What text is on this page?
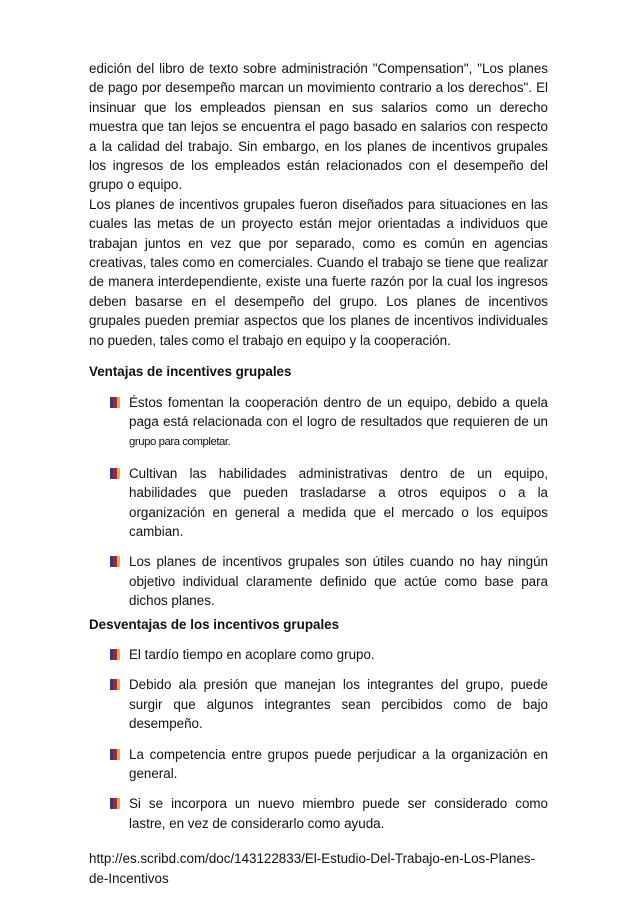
edición del libro de texto sobre administración "Compensation", "Los planes de pago por desempeño marcan un movimiento contrario a los derechos". El insinuar que los empleados piensan en sus salarios como un derecho muestra que tan lejos se encuentra el pago basado en salarios con respecto a la calidad del trabajo. Sin embargo, en los planes de incentivos grupales los ingresos de los empleados están relacionados con el desempeño del grupo o equipo.

Los planes de incentivos grupales fueron diseñados para situaciones en las cuales las metas de un proyecto están mejor orientadas a individuos que trabajan juntos en vez que por separado, como es común en agencias creativas, tales como en comerciales. Cuando el trabajo se tiene que realizar de manera interdependiente, existe una fuerte razón por la cual los ingresos deben basarse en el desempeño del grupo. Los planes de incentivos grupales pueden premiar aspectos que los planes de incentivos individuales no pueden, tales como el trabajo en equipo y la cooperación.

Ventajas de incentives grupales

Éstos fomentan la cooperación dentro de un equipo, debido a quela paga está relacionada con el logro de resultados que requieren de un grupo para completar.
Cultivan las habilidades administrativas dentro de un equipo, habilidades que pueden trasladarse a otros equipos o a la organización en general a medida que el mercado o los equipos cambian.
Los planes de incentivos grupales son útiles cuando no hay ningún objetivo individual claramente definido que actúe como base para dichos planes.

Desventajas de los incentivos grupales

El tardío tiempo en acoplare como grupo.
Debido ala presión que manejan los integrantes del grupo, puede surgir que algunos integrantes sean percibidos como de bajo desempeño.
La competencia entre grupos puede perjudicar a la organización en general.
Si se incorpora un nuevo miembro puede ser considerado como lastre, en vez de considerarlo como ayuda.

http://es.scribd.com/doc/143122833/El-Estudio-Del-Trabajo-en-Los-Planes-de-Incentivos
